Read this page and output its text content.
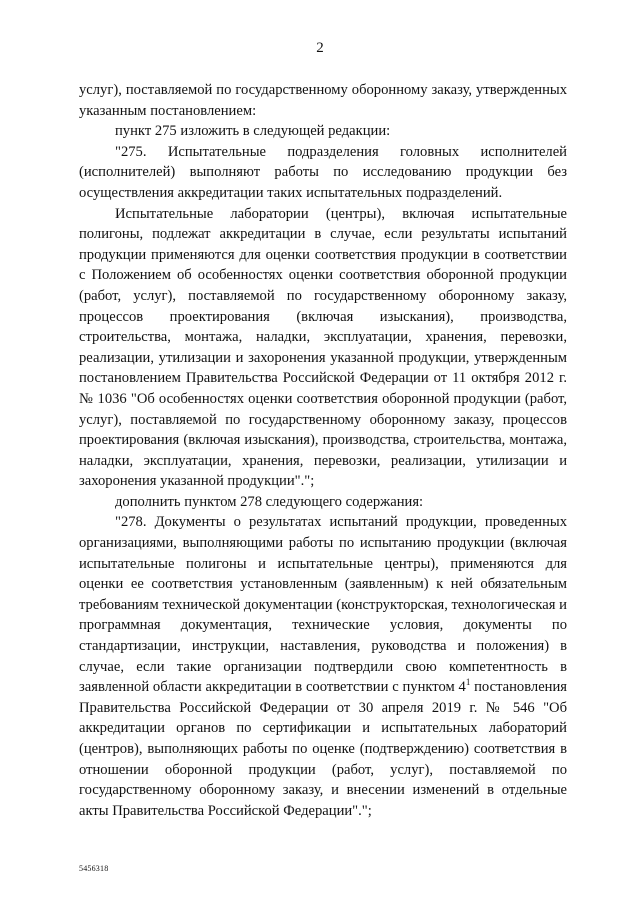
2

услуг), поставляемой по государственному оборонному заказу, утвержденных указанным постановлением:

пункт 275 изложить в следующей редакции:

"275. Испытательные подразделения головных исполнителей (исполнителей) выполняют работы по исследованию продукции без осуществления аккредитации таких испытательных подразделений.

Испытательные лаборатории (центры), включая испытательные полигоны, подлежат аккредитации в случае, если результаты испытаний продукции применяются для оценки соответствия продукции в соответствии с Положением об особенностях оценки соответствия оборонной продукции (работ, услуг), поставляемой по государственному оборонному заказу, процессов проектирования (включая изыскания), производства, строительства, монтажа, наладки, эксплуатации, хранения, перевозки, реализации, утилизации и захоронения указанной продукции, утвержденным постановлением Правительства Российской Федерации от 11 октября 2012 г. № 1036 "Об особенностях оценки соответствия оборонной продукции (работ, услуг), поставляемой по государственному оборонному заказу, процессов проектирования (включая изыскания), производства, строительства, монтажа, наладки, эксплуатации, хранения, перевозки, реализации, утилизации и захоронения указанной продукции".";

дополнить пунктом 278 следующего содержания:

"278. Документы о результатах испытаний продукции, проведенных организациями, выполняющими работы по испытанию продукции (включая испытательные полигоны и испытательные центры), применяются для оценки ее соответствия установленным (заявленным) к ней обязательным требованиям технической документации (конструкторская, технологическая и программная документация, технические условия, документы по стандартизации, инструкции, наставления, руководства и положения) в случае, если такие организации подтвердили свою компетентность в заявленной области аккредитации в соответствии с пунктом $4^1$ постановления Правительства Российской Федерации от 30 апреля 2019 г. № 546 "Об аккредитации органов по сертификации и испытательных лабораторий (центров), выполняющих работы по оценке (подтверждению) соответствия в отношении оборонной продукции (работ, услуг), поставляемой по государственному оборонному заказу, и внесении изменений в отдельные акты Правительства Российской Федерации".";

5456318
